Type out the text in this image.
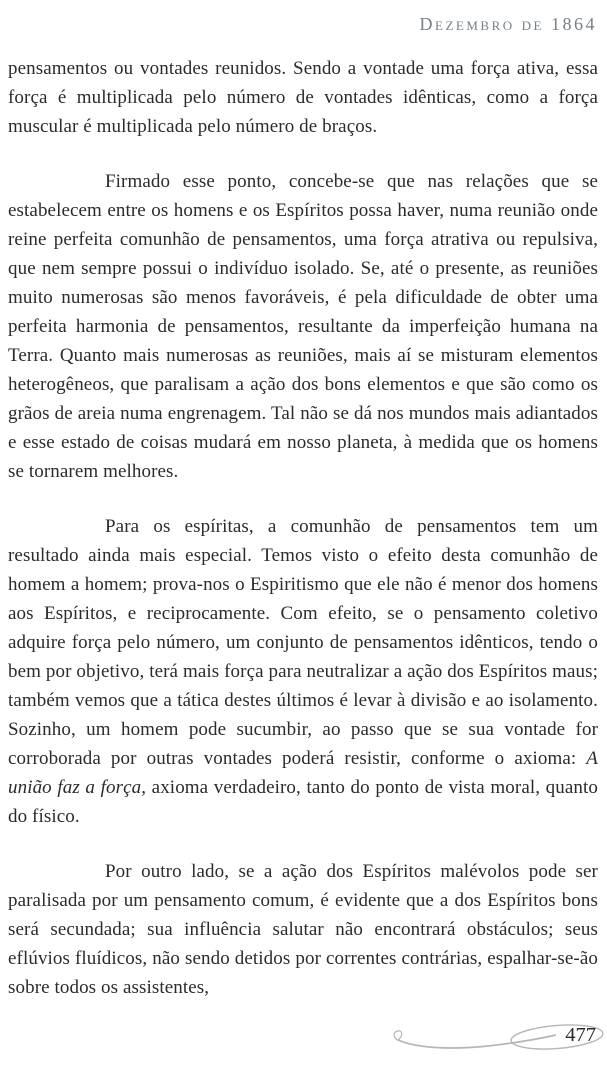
Dezembro de 1864

pensamentos ou vontades reunidos. Sendo a vontade uma força ativa, essa força é multiplicada pelo número de vontades idênticas, como a força muscular é multiplicada pelo número de braços.

Firmado esse ponto, concebe-se que nas relações que se estabelecem entre os homens e os Espíritos possa haver, numa reunião onde reine perfeita comunhão de pensamentos, uma força atrativa ou repulsiva, que nem sempre possui o indivíduo isolado. Se, até o presente, as reuniões muito numerosas são menos favoráveis, é pela dificuldade de obter uma perfeita harmonia de pensamentos, resultante da imperfeição humana na Terra. Quanto mais numerosas as reuniões, mais aí se misturam elementos heterogêneos, que paralisam a ação dos bons elementos e que são como os grãos de areia numa engrenagem. Tal não se dá nos mundos mais adiantados e esse estado de coisas mudará em nosso planeta, à medida que os homens se tornarem melhores.

Para os espíritas, a comunhão de pensamentos tem um resultado ainda mais especial. Temos visto o efeito desta comunhão de homem a homem; prova-nos o Espiritismo que ele não é menor dos homens aos Espíritos, e reciprocamente. Com efeito, se o pensamento coletivo adquire força pelo número, um conjunto de pensamentos idênticos, tendo o bem por objetivo, terá mais força para neutralizar a ação dos Espíritos maus; também vemos que a tática destes últimos é levar à divisão e ao isolamento. Sozinho, um homem pode sucumbir, ao passo que se sua vontade for corroborada por outras vontades poderá resistir, conforme o axioma: A união faz a força, axioma verdadeiro, tanto do ponto de vista moral, quanto do físico.

Por outro lado, se a ação dos Espíritos malévolos pode ser paralisada por um pensamento comum, é evidente que a dos Espíritos bons será secundada; sua influência salutar não encontrará obstáculos; seus eflúvios fluídicos, não sendo detidos por correntes contrárias, espalhar-se-ão sobre todos os assistentes,

477
